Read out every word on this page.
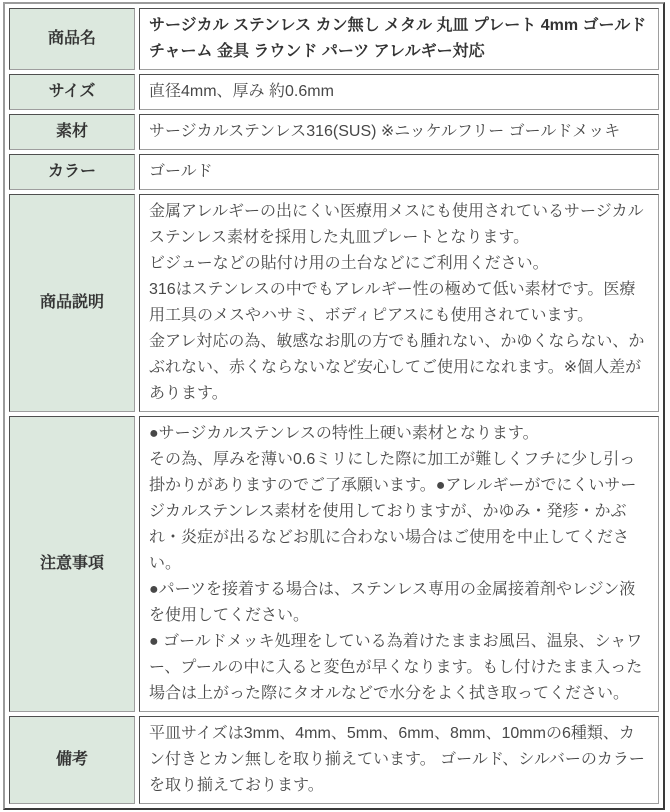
商品名	サージカル ステンレス カン無し メタル 丸皿 プレート 4mm ゴールド チャーム 金具 ラウンド パーツ アレルギー対応

サイズ	直径4mm、厚み 約0.6mm

素材	サージカルステンレス316(SUS) ※ニッケルフリー ゴールドメッキ

カラー	ゴールド

商品説明	金属アレルギーの出にくい医療用メスにも使用されているサージカルステンレス素材を採用した丸皿プレートとなります。
ビジューなどの貼付け用の土台などにご利用ください。
316はステンレスの中でもアレルギー性の極めて低い素材です。医療用工具のメスやハサミ、ボディピアスにも使用されています。
金アレ対応の為、敏感なお肌の方でも腫れない、かゆくならない、かぶれない、赤くならないなど安心してご使用になれます。※個人差があります。

注意事項	●サージカルステンレスの特性上硬い素材となります。
その為、厚みを薄い0.6ミリにした際に加工が難しくフチに少し引っ掛かりがありますのでご了承願います。●アレルギーがでにくいサージカルステンレス素材を使用しておりますが、かゆみ・発疹・かぶれ・炎症が出るなどお肌に合わない場合はご使用を中止してください。
●パーツを接着する場合は、ステンレス専用の金属接着剤やレジン液を使用してください。
● ゴールドメッキ処理をしている為着けたままお風呂、温泉、シャワー、プールの中に入ると変色が早くなります。もし付けたまま入った場合は上がった際にタオルなどで水分をよく拭き取ってください。

備考	平皿サイズは3mm、4mm、5mm、6mm、8mm、10mmの6種類、カン付きとカン無しを取り揃えています。 ゴールド、シルバーのカラーを取り揃えております。
